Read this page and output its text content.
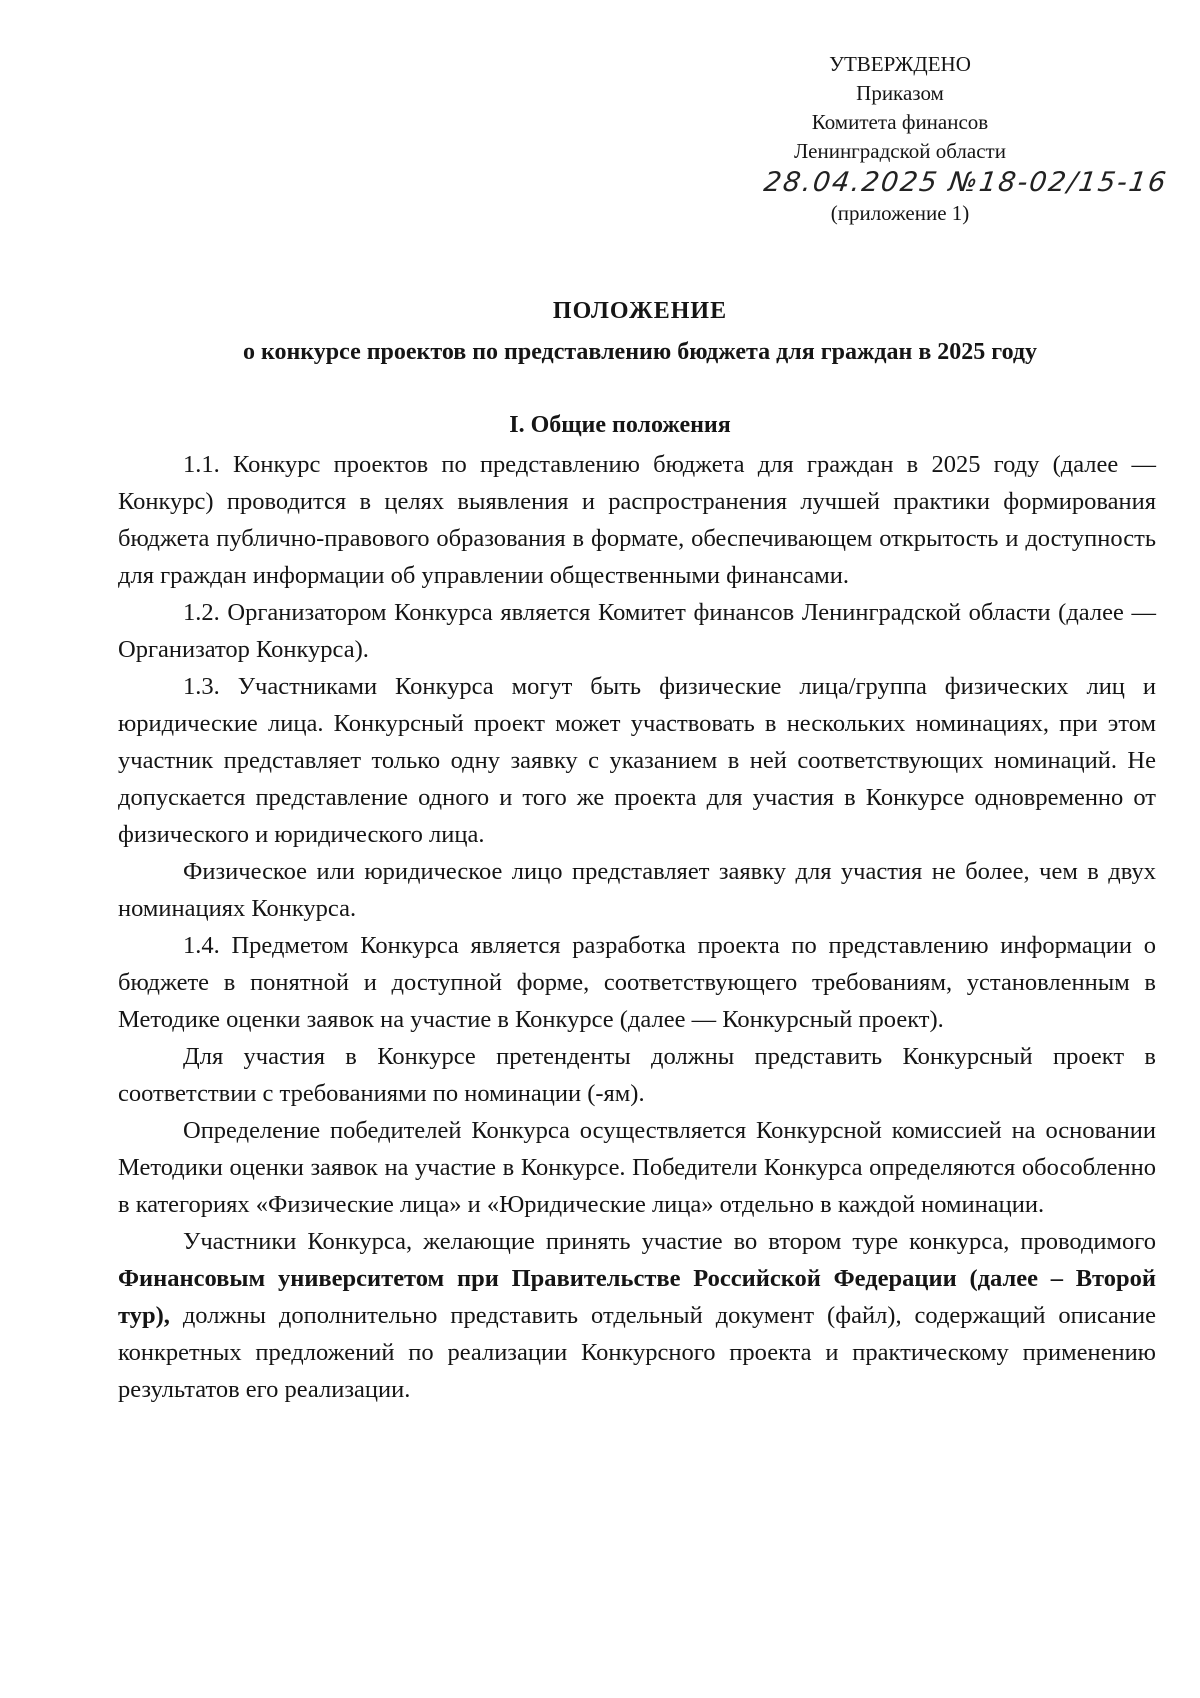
УТВЕРЖДЕНО
Приказом
Комитета финансов
Ленинградской области
28.04.2025 №18-02/15-16
(приложение 1)
ПОЛОЖЕНИЕ
о конкурсе проектов по представлению бюджета для граждан в 2025 году
I. Общие положения

1.1. Конкурс проектов по представлению бюджета для граждан в 2025 году (далее — Конкурс) проводится в целях выявления и распространения лучшей практики формирования бюджета публично-правового образования в формате, обеспечивающем открытость и доступность для граждан информации об управлении общественными финансами.

1.2. Организатором Конкурса является Комитет финансов Ленинградской области (далее — Организатор Конкурса).

1.3. Участниками Конкурса могут быть физические лица/группа физических лиц и юридические лица. Конкурсный проект может участвовать в нескольких номинациях, при этом участник представляет только одну заявку с указанием в ней соответствующих номинаций. Не допускается представление одного и того же проекта для участия в Конкурсе одновременно от физического и юридического лица.

Физическое или юридическое лицо представляет заявку для участия не более, чем в двух номинациях Конкурса.

1.4. Предметом Конкурса является разработка проекта по представлению информации о бюджете в понятной и доступной форме, соответствующего требованиям, установленным в Методике оценки заявок на участие в Конкурсе (далее — Конкурсный проект).

Для участия в Конкурсе претенденты должны представить Конкурсный проект в соответствии с требованиями по номинации (-ям).

Определение победителей Конкурса осуществляется Конкурсной комиссией на основании Методики оценки заявок на участие в Конкурсе. Победители Конкурса определяются обособленно в категориях «Физические лица» и «Юридические лица» отдельно в каждой номинации.

Участники Конкурса, желающие принять участие во втором туре конкурса, проводимого Финансовым университетом при Правительстве Российской Федерации (далее – Второй тур), должны дополнительно представить отдельный документ (файл), содержащий описание конкретных предложений по реализации Конкурсного проекта и практическому применению результатов его реализации.
